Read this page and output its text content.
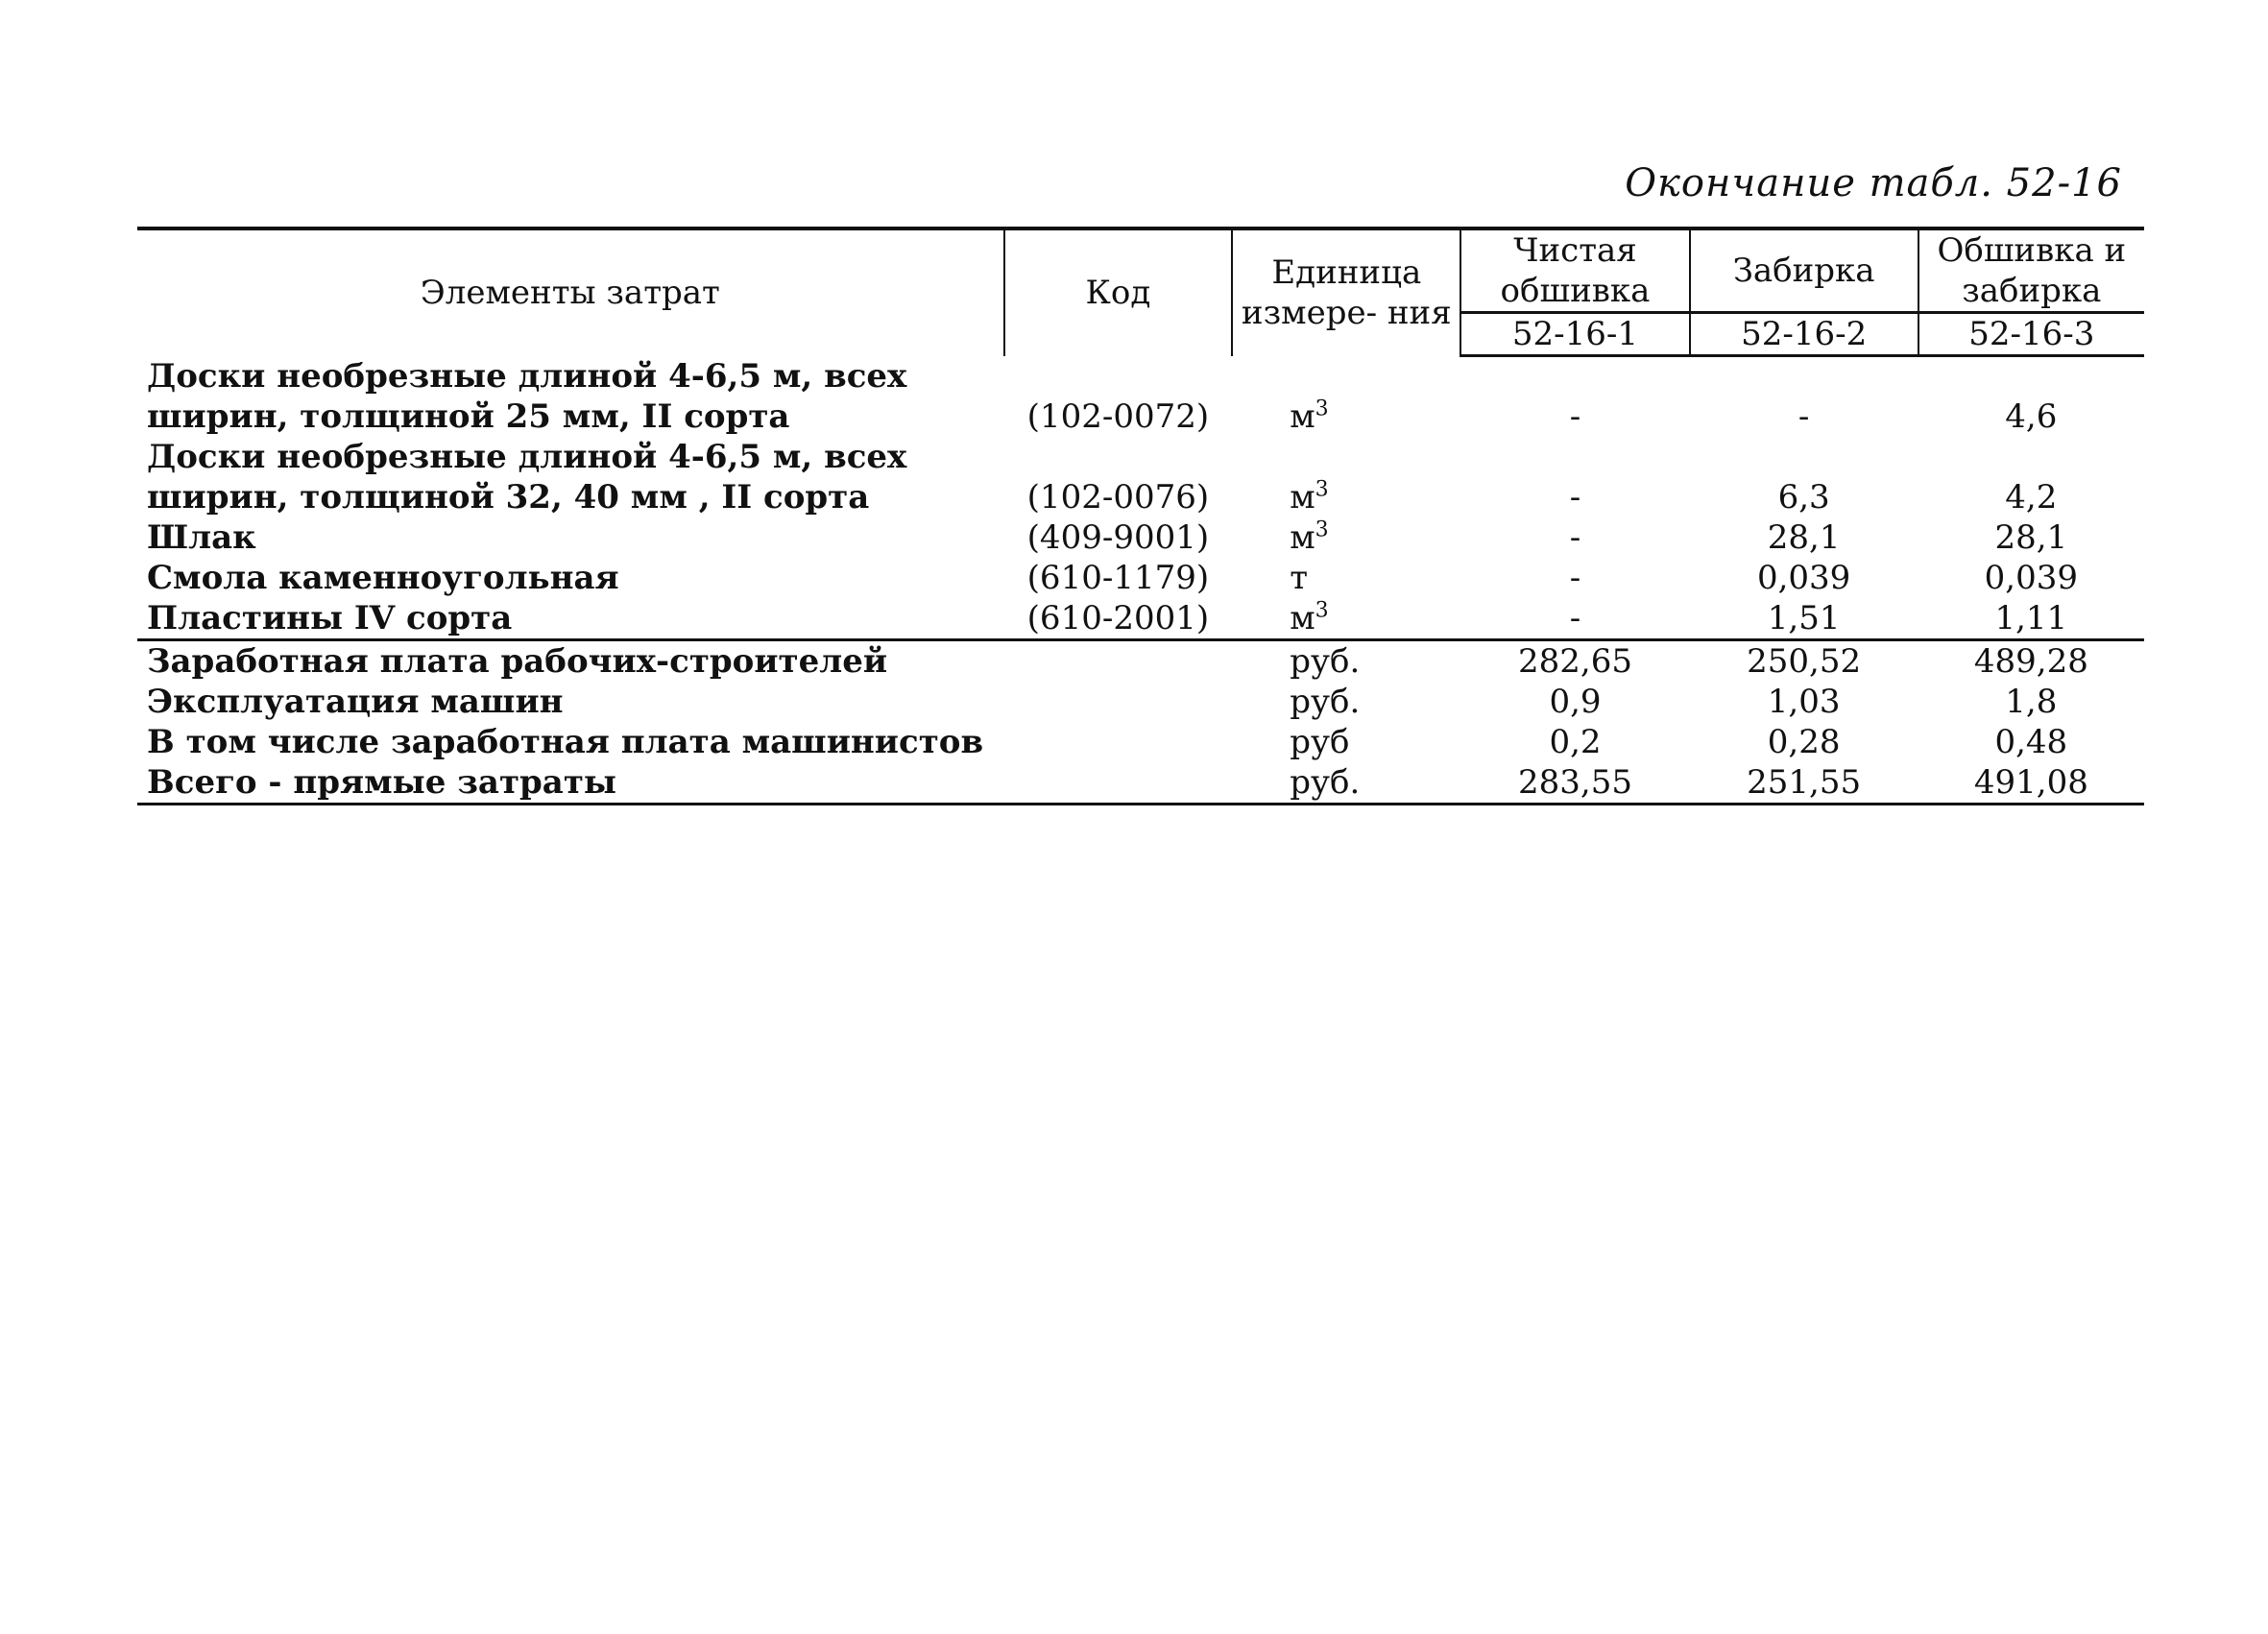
Окончание табл. 52-16
Элементы затрат	Код	Единица измере- ния	Чистая обшивка	Забирка	Обшивка и забирка
			52-16-1	52-16-2	52-16-3
Доски необрезные длиной 4-6,5 м, всех ширин, толщиной 25 мм, II сорта	(102-0072)	$м^3$	-	-	4,6
Доски необрезные длиной 4-6,5 м, всех ширин, толщиной 32, 40 мм , II сорта	(102-0076)	$м^3$	-	6,3	4,2
Шлак	(409-9001)	$м^3$	-	28,1	28,1
Смола каменноугольная	(610-1179)	т	-	0,039	0,039
Пластины IV сорта	(610-2001)	$м^3$	-	1,51	1,11
Заработная плата рабочих-строителей		руб.	282,65	250,52	489,28
Эксплуатация машин		руб.	0,9	1,03	1,8
В том числе заработная плата машинистов		руб	0,2	0,28	0,48
Всего - прямые затраты		руб.	283,55	251,55	491,08
